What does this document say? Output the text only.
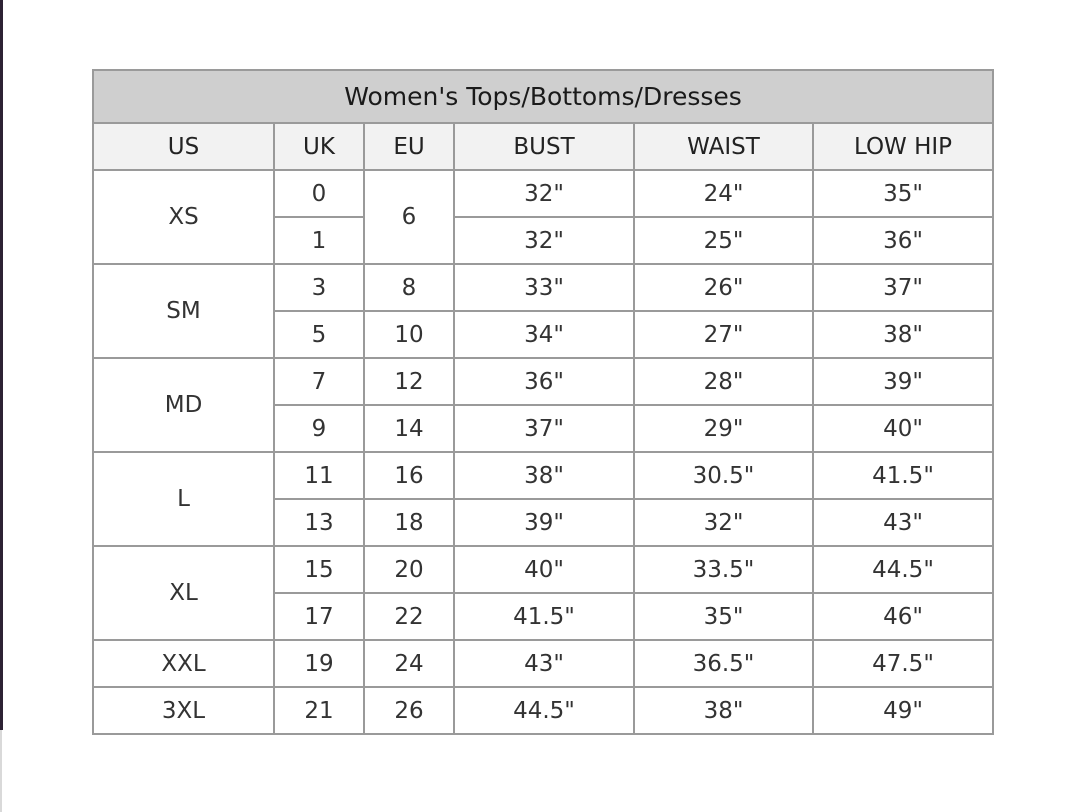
Women's Tops/Bottoms/Dresses					
US	UK	EU	BUST	WAIST	LOW HIP
XS	0	6	32"	24"	35"
	1		32"	25"	36"
SM	3	8	33"	26"	37"
	5	10	34"	27"	38"
MD	7	12	36"	28"	39"
	9	14	37"	29"	40"
L	11	16	38"	30.5"	41.5"
	13	18	39"	32"	43"
XL	15	20	40"	33.5"	44.5"
	17	22	41.5"	35"	46"
XXL	19	24	43"	36.5"	47.5"
3XL	21	26	44.5"	38"	49"
